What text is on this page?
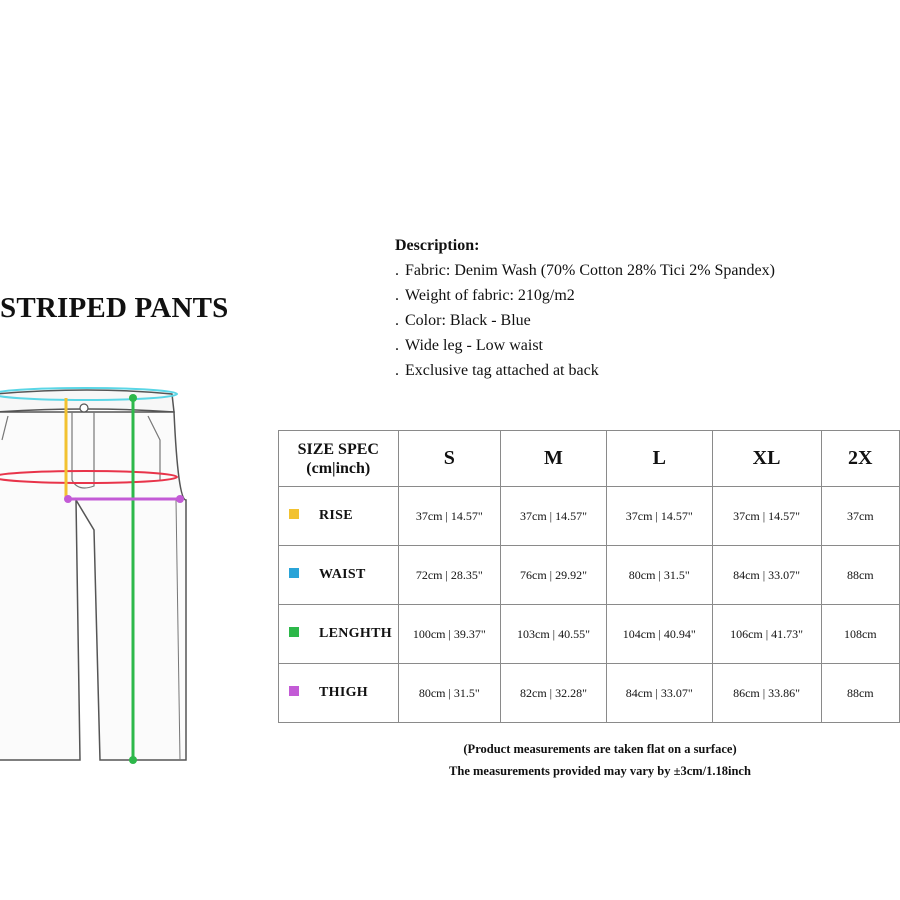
STRIPED PANTS
Description:
. Fabric: Denim Wash (70% Cotton 28% Tici 2% Spandex)
. Weight of fabric: 210g/m2
. Color: Black - Blue
. Wide leg - Low waist
. Exclusive tag attached at back
SIZE SPEC
(cm|inch)	S	M	L	XL	2X
RISE	37cm | 14.57"	37cm | 14.57"	37cm | 14.57"	37cm | 14.57"	37cm
WAIST	72cm | 28.35"	76cm | 29.92"	80cm | 31.5"	84cm | 33.07"	88cm
LENGHTH	100cm | 39.37"	103cm | 40.55"	104cm | 40.94"	106cm | 41.73"	108cm
THIGH	80cm | 31.5"	82cm | 32.28"	84cm | 33.07"	86cm | 33.86"	88cm
(Product measurements are taken flat on a surface)
The measurements provided may vary by ±3cm/1.18inch
